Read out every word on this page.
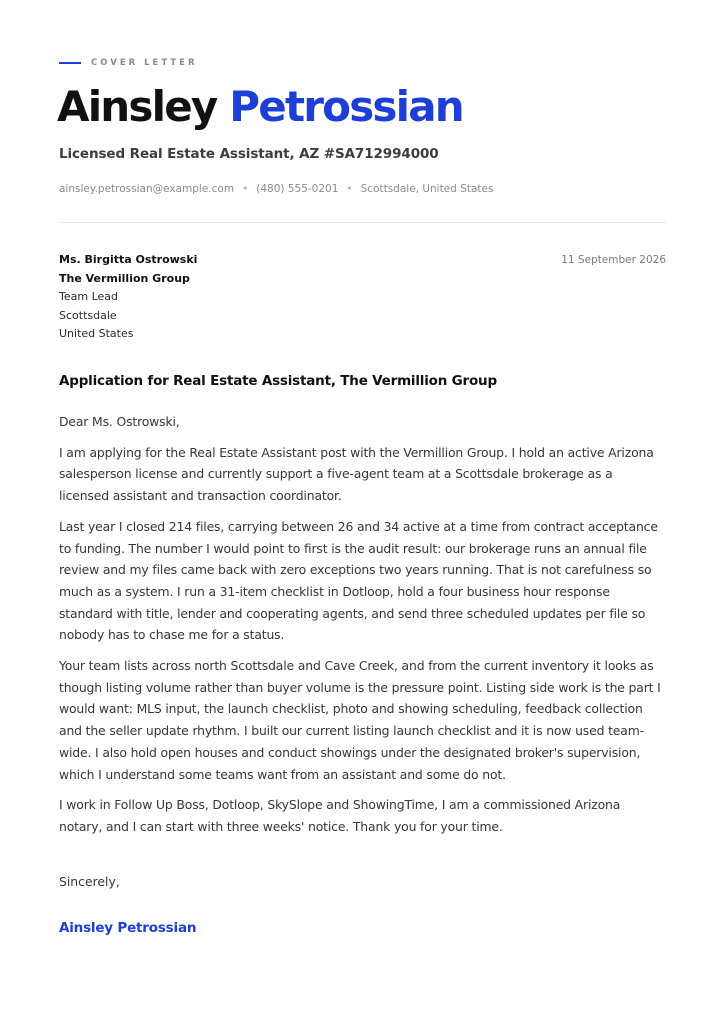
COVER LETTER
Ainsley Petrossian
Licensed Real Estate Assistant, AZ #SA712994000
ainsley.petrossian@example.com • (480) 555-0201 • Scottsdale, United States
Ms. Birgitta Ostrowski
The Vermillion Group
Team Lead
Scottsdale
United States
11 September 2026
Application for Real Estate Assistant, The Vermillion Group

Dear Ms. Ostrowski,

I am applying for the Real Estate Assistant post with the Vermillion Group. I hold an active Arizona salesperson license and currently support a five-agent team at a Scottsdale brokerage as a licensed assistant and transaction coordinator.

Last year I closed 214 files, carrying between 26 and 34 active at a time from contract acceptance to funding. The number I would point to first is the audit result: our brokerage runs an annual file review and my files came back with zero exceptions two years running. That is not carefulness so much as a system. I run a 31-item checklist in Dotloop, hold a four business hour response standard with title, lender and cooperating agents, and send three scheduled updates per file so nobody has to chase me for a status.

Your team lists across north Scottsdale and Cave Creek, and from the current inventory it looks as though listing volume rather than buyer volume is the pressure point. Listing side work is the part I would want: MLS input, the launch checklist, photo and showing scheduling, feedback collection and the seller update rhythm. I built our current listing launch checklist and it is now used team-wide. I also hold open houses and conduct showings under the designated broker's supervision, which I understand some teams want from an assistant and some do not.

I work in Follow Up Boss, Dotloop, SkySlope and ShowingTime, I am a commissioned Arizona notary, and I can start with three weeks' notice. Thank you for your time.

Sincerely,
Ainsley Petrossian
